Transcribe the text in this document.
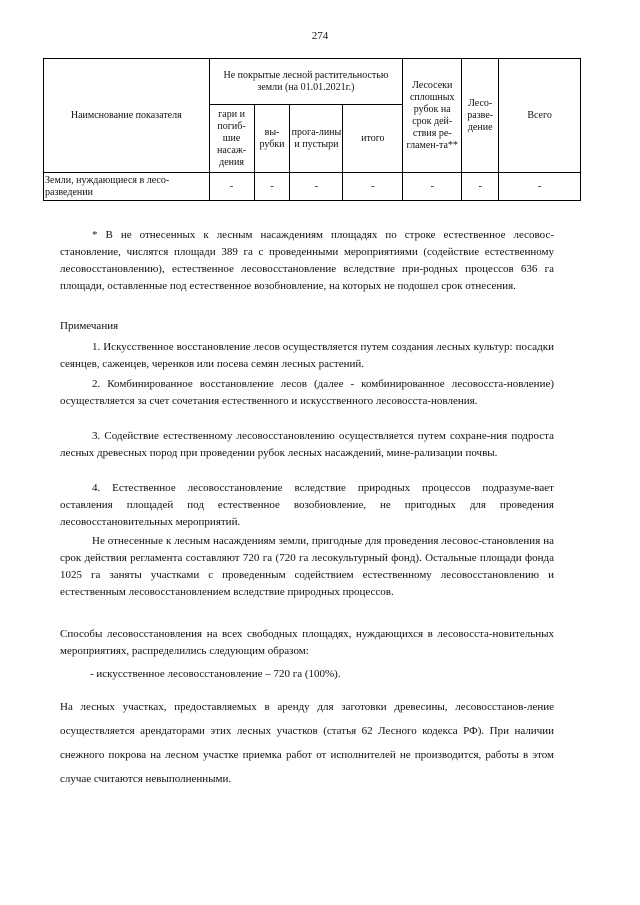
274
Наимснование показателя	Не покрытые лесной растительностью земли (на 01.01.2021г.)				Лесосеки сплошных рубок на срок дей-ствия ре-гламен-та**	Лесо-разве-дение	Всего
	гари и погиб-шие насаж-дения	вы-рубки	прога-лины и пустыри	итого			
Земли, нуждающиеся в лесо-разведении	-	-	-	-	-	-	-

* В не отнесенных к лесным насаждениям площадях по строке естественное лесовос-становление, числятся площади 389 га с проведенными мероприятиями (содействие естественному лесовосстановлению), естественное лесовосстановление вследствие при-родных процессов 636 га площади, оставленные под естественное возобновление, на которых не подошел срок отнесения.

Примечания

1. Искусственное восстановление лесов осуществляется путем создания лесных культур: посадки сеянцев, саженцев, черенков или посева семян лесных растений.

2. Комбинированное восстановление лесов (далее - комбинированное лесовосста-новление) осуществляется за счет сочетания естественного и искусственного лесовосста-новления.

3. Содействие естественному лесовосстановлению осуществляется путем сохране-ния подроста лесных древесных пород при проведении рубок лесных насаждений, мине-рализации почвы.

4. Естественное лесовосстановление вследствие природных процессов подразуме-вает оставления площадей под естественное возобновление, не пригодных для проведения лесовосстановительных мероприятий.

Не отнесенные к лесным насаждениям земли, пригодные для проведения лесовос-становления на срок действия регламента составляют 720 га (720 га лесокультурный фонд). Остальные площади фонда 1025 га заняты участками с проведенным содействием естественному лесовосстановлению и естественным лесовосстановлением вследствие природных процессов.

Способы лесовосстановления на всех свободных площадях, нуждающихся в лесовосста-новительных мероприятиях, распределились следующим образом:

- искусственное лесовосстановление – 720 га (100%).

На лесных участках, предоставляемых в аренду для заготовки древесины, лесовосстанов-ление осуществляется арендаторами этих лесных участков (статья 62 Лесного кодекса РФ). При наличии снежного покрова на лесном участке приемка работ от исполнителей не производится, работы в этом случае считаются невыполненными.
